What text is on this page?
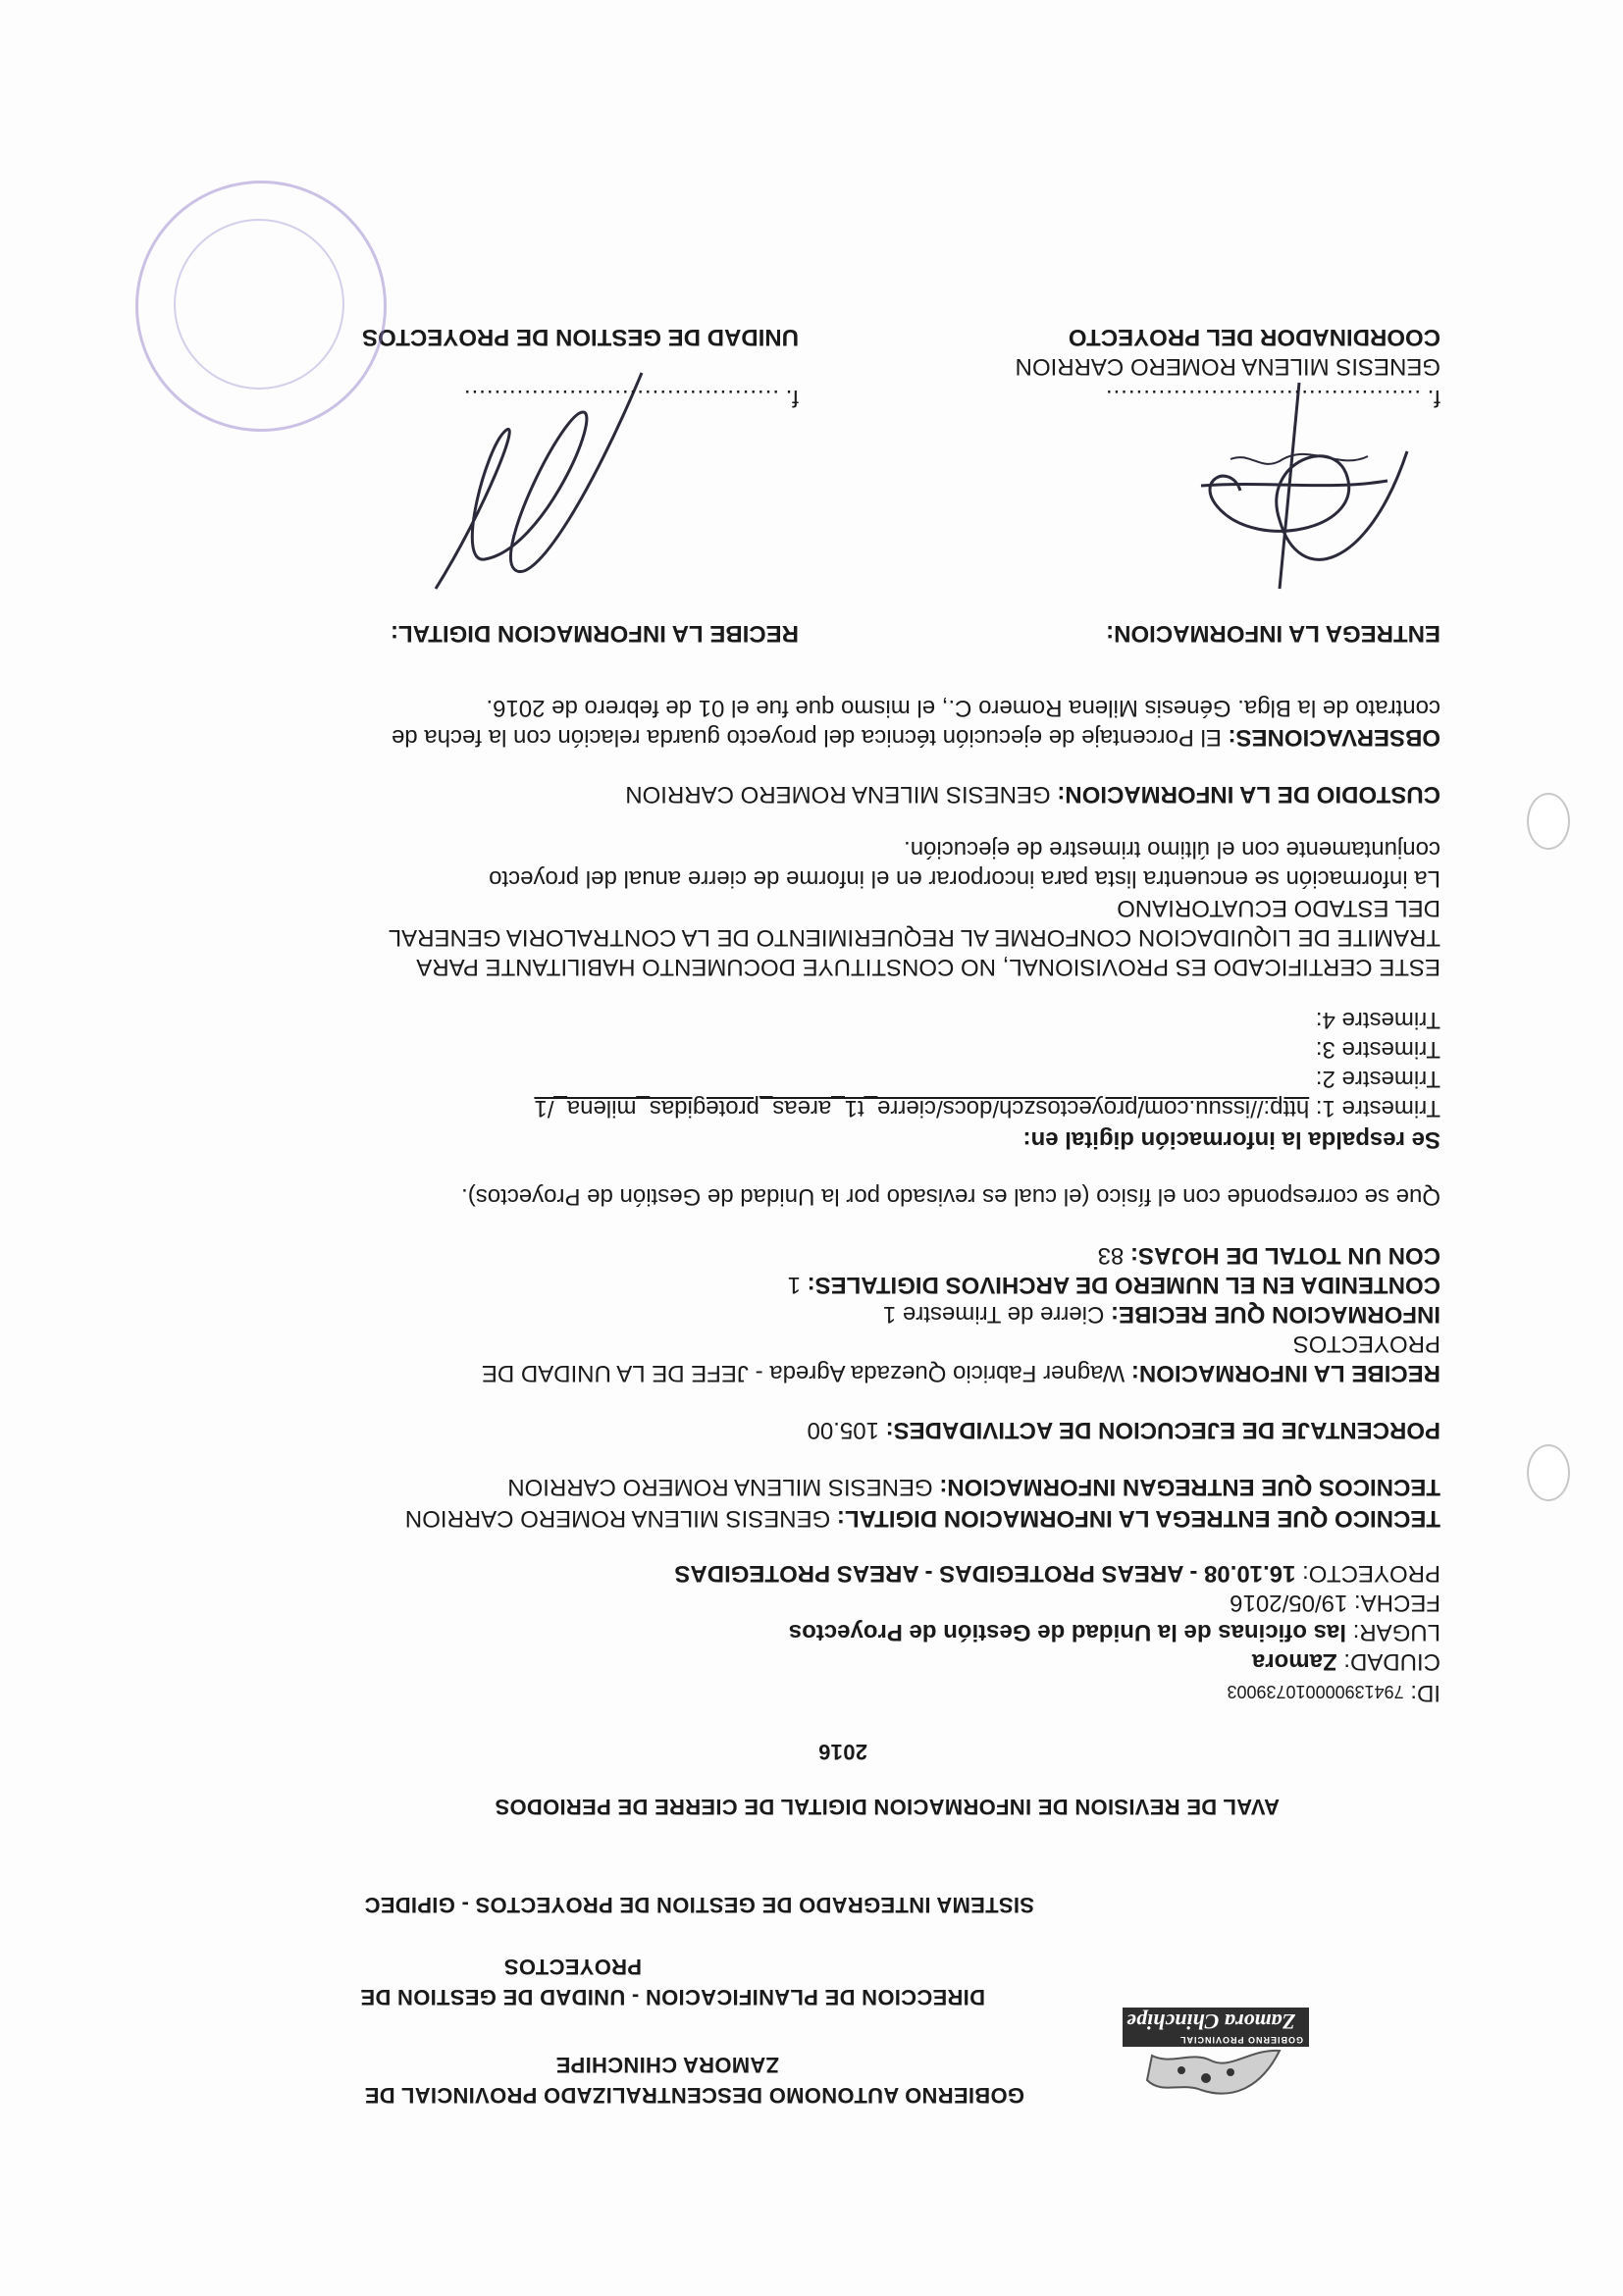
GOBIERNO PROVINCIAL
Zamora Chinchipe
GOBIERNO AUTONOMO DESCENTRALIZADO PROVINCIAL DE
ZAMORA CHINCHIPE
DIRECCION DE PLANIFICACION - UNIDAD DE GESTION DE
PROYECTOS
SISTEMA INTEGRADO DE GESTION DE PROYECTOS - GIPIDEC
AVAL DE REVISION DE INFORMACION DIGITAL DE CIERRE DE PERIODOS
2016
ID: 794139000010739003
CIUDAD: Zamora
LUGAR: las oficinas de la Unidad de Gestión de Proyectos
FECHA: 19/05/2016
PROYECTO: 16.10.08 - AREAS PROTEGIDAS - AREAS PROTEGIDAS
TECNICO QUE ENTREGA LA INFORMACION DIGITAL: GENESIS MILENA ROMERO CARRION
TECNICOS QUE ENTREGAN INFORMACION: GENESIS MILENA ROMERO CARRION
PORCENTAJE DE EJECUCION DE ACTIVIDADES: 105.00
RECIBE LA INFORMACION: Wagner Fabricio Quezada Agreda - JEFE DE LA UNIDAD DE
PROYECTOS
INFORMACION QUE RECIBE: Cierre de Trimestre 1
CONTENIDA EN EL NUMERO DE ARCHIVOS DIGITALES: 1
CON UN TOTAL DE HOJAS: 83
Que se corresponde con el físico (el cual es revisado por la Unidad de Gestión de Proyectos).
Se respalda la información digital en:
Trimestre 1: http://issuu.com/proyectoszch/docs/cierre_t1_areas_protegidas_milena_/1
Trimestre 2:
Trimestre 3:
Trimestre 4:
ESTE CERTIFICADO ES PROVISIONAL, NO CONSTITUYE DOCUMENTO HABILITANTE PARA
TRAMITE DE LIQUIDACION CONFORME AL REQUERIMIENTO DE LA CONTRALORIA GENERAL
DEL ESTADO ECUATORIANO
La información se encuentra lista para incorporar en el informe de cierre anual del proyecto
conjuntamente con el último trimestre de ejecución.
CUSTODIO DE LA INFORMACION: GENESIS MILENA ROMERO CARRION
OBSERVACIONES: El Porcentaje de ejecución técnica del proyecto guarda relación con la fecha de
contrato de la Blga. Génesis Milena Romero C., el mismo que fue el 01 de febrero de 2016.
ENTREGA LA INFORMACION:
RECIBE LA INFORMACION DIGITAL:
f. ..........................................
f. ..........................................
GENESIS MILENA ROMERO CARRION
COORDINADOR DEL PROYECTO
UNIDAD DE GESTION DE PROYECTOS
